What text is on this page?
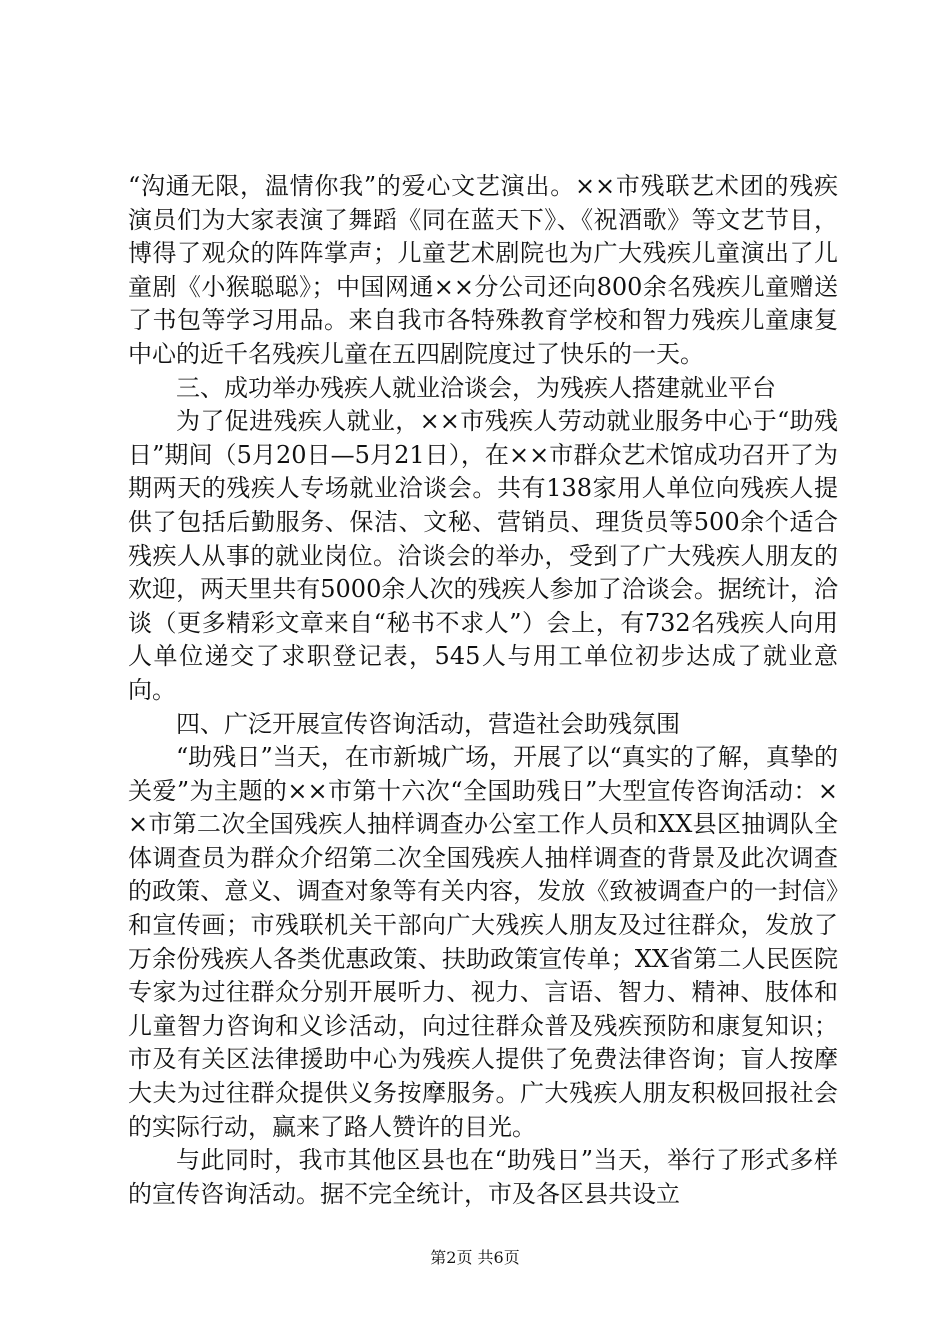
“沟通无限，温情你我”的爱心文艺演出。××市残联艺术团的残疾演员们为大家表演了舞蹈《同在蓝天下》、《祝酒歌》等文艺节目，博得了观众的阵阵掌声；儿童艺术剧院也为广大残疾儿童演出了儿童剧《小猴聪聪》；中国网通××分公司还向800余名残疾儿童赠送了书包等学习用品。来自我市各特殊教育学校和智力残疾儿童康复中心的近千名残疾儿童在五四剧院度过了快乐的一天。

三、成功举办残疾人就业洽谈会，为残疾人搭建就业平台

为了促进残疾人就业，××市残疾人劳动就业服务中心于“助残日”期间（5月20日—5月21日），在××市群众艺术馆成功召开了为期两天的残疾人专场就业洽谈会。共有138家用人单位向残疾人提供了包括后勤服务、保洁、文秘、营销员、理货员等500余个适合残疾人从事的就业岗位。洽谈会的举办，受到了广大残疾人朋友的欢迎，两天里共有5000余人次的残疾人参加了洽谈会。据统计，洽谈（更多精彩文章来自“秘书不求人”）会上，有732名残疾人向用人单位递交了求职登记表，545人与用工单位初步达成了就业意向。

四、广泛开展宣传咨询活动，营造社会助残氛围

“助残日”当天，在市新城广场，开展了以“真实的了解，真挚的关爱”为主题的××市第十六次“全国助残日”大型宣传咨询活动：××市第二次全国残疾人抽样调查办公室工作人员和XX县区抽调队全体调查员为群众介绍第二次全国残疾人抽样调查的背景及此次调查的政策、意义、调查对象等有关内容，发放《致被调查户的一封信》和宣传画；市残联机关干部向广大残疾人朋友及过往群众，发放了万余份残疾人各类优惠政策、扶助政策宣传单；XX省第二人民医院专家为过往群众分别开展听力、视力、言语、智力、精神、肢体和儿童智力咨询和义诊活动，向过往群众普及残疾预防和康复知识；市及有关区法律援助中心为残疾人提供了免费法律咨询；盲人按摩大夫为过往群众提供义务按摩服务。广大残疾人朋友积极回报社会的实际行动，赢来了路人赞许的目光。

与此同时，我市其他区县也在“助残日”当天，举行了形式多样的宣传咨询活动。据不完全统计，市及各区县共设立

第2页 共6页
